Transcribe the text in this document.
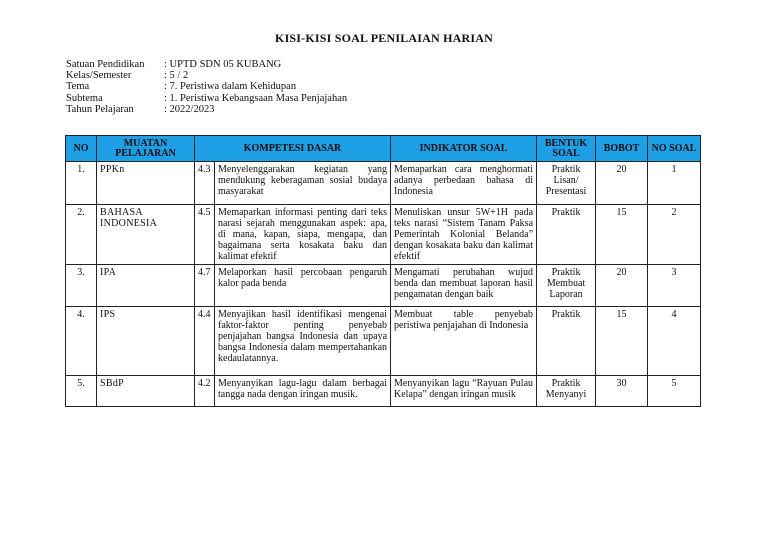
KISI-KISI SOAL PENILAIAN HARIAN
Satuan Pendidikan	: UPTD SDN 05 KUBANG
Kelas/Semester	: 5 / 2
Tema	: 7. Peristiwa dalam Kehidupan
Subtema	: 1. Peristiwa Kebangsaan Masa Penjajahan
Tahun Pelajaran	: 2022/2023
NO	MUATAN PELAJARAN	KOMPETESI DASAR		INDIKATOR SOAL	BENTUK SOAL	BOBOT	NO SOAL
1.	PPKn	4.3	Menyelenggarakan kegiatan yang mendukung keberagaman sosial budaya masyarakat	Memaparkan cara menghormati adanya perbedaan bahasa di Indonesia	Praktik Lisan/ Presentasi	20	1
2.	BAHASA INDONESIA	4.5	Memaparkan informasi penting dari teks narasi sejarah menggunakan aspek: apa, di mana, kapan, siapa, mengapa, dan bagaimana serta kosakata baku dan kalimat efektif	Menuliskan unsur 5W+1H pada teks narasi “Sistem Tanam Paksa Pemerintah Kolonial Belanda” dengan kosakata baku dan kalimat efektif	Praktik	15	2
3.	IPA	4.7	Melaporkan hasil percobaan pengaruh kalor pada benda	Mengamati perubahan wujud benda dan membuat laporan hasil pengamatan dengan baik	Praktik Membuat Laporan	20	3
4.	IPS	4.4	Menyajikan hasil identifikasi mengenai faktor-faktor penting penyebab penjajahan bangsa Indonesia dan upaya bangsa Indonesia dalam mempertahankan kedaulatannya.	Membuat table penyebab peristiwa penjajahan di Indonesia	Praktik	15	4
5.	SBdP	4.2	Menyanyikan lagu-lagu dalam berbagai tangga nada dengan iringan musik.	Menyanyikan lagu “Rayuan Pulau Kelapa” dengan iringan musik	Praktik Menyanyi	30	5
